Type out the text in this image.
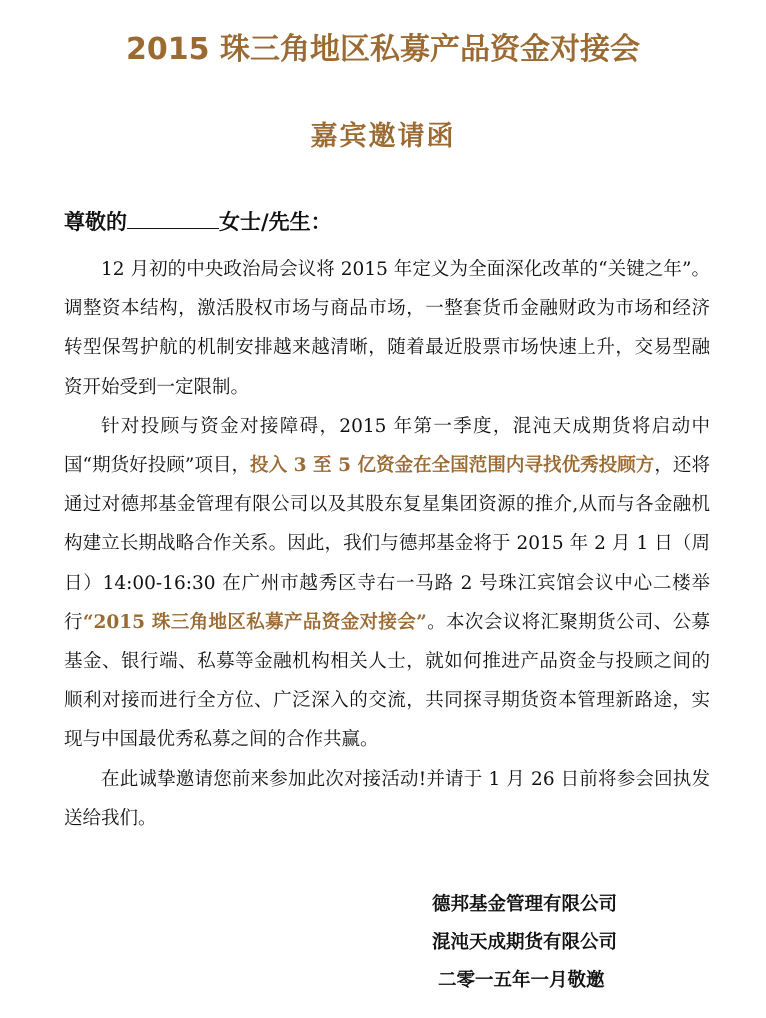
2015 珠三角地区私募产品资金对接会
嘉宾邀请函
尊敬的	女士/先生：

12 月初的中央政治局会议将 2015 年定义为全面深化改革的“关键之年”。调整资本结构，激活股权市场与商品市场，一整套货币金融财政为市场和经济转型保驾护航的机制安排越来越清晰，随着最近股票市场快速上升，交易型融资开始受到一定限制。

针对投顾与资金对接障碍，2015 年第一季度，混沌天成期货将启动中国“期货好投顾”项目，投入 3 至 5 亿资金在全国范围内寻找优秀投顾方，还将通过对德邦基金管理有限公司以及其股东复星集团资源的推介,从而与各金融机构建立长期战略合作关系。因此，我们与德邦基金将于 2015 年 2 月 1 日（周日）14:00-16:30 在广州市越秀区寺右一马路 2 号珠江宾馆会议中心二楼举行“2015 珠三角地区私募产品资金对接会”。本次会议将汇聚期货公司、公募基金、银行端、私募等金融机构相关人士，就如何推进产品资金与投顾之间的顺利对接而进行全方位、广泛深入的交流，共同探寻期货资本管理新路途，实现与中国最优秀私募之间的合作共赢。

在此诚挚邀请您前来参加此次对接活动!并请于 1 月 26 日前将参会回执发送给我们。

德邦基金管理有限公司
混沌天成期货有限公司
二零一五年一月敬邀
